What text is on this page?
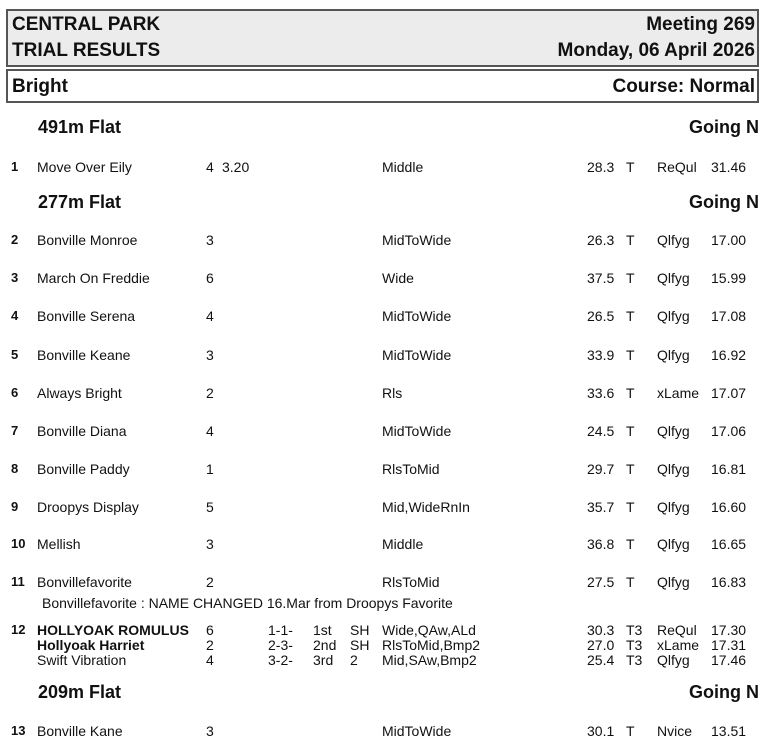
CENTRAL PARK
TRIAL RESULTS
Meeting 269
Monday, 06 April 2026
Bright	Course: Normal
491m Flat	Going N
1 Move Over Eily	4 3.20	Middle	28.3 T ReQul 31.46
277m Flat	Going N
2 Bonville Monroe	3	MidToWide	26.3 T Qlfyg 17.00
3 March On Freddie	6	Wide	37.5 T Qlfyg 15.99
4 Bonville Serena	4	MidToWide	26.5 T Qlfyg 17.08
5 Bonville Keane	3	MidToWide	33.9 T Qlfyg 16.92
6 Always Bright	2	Rls	33.6 T xLame 17.07
7 Bonville Diana	4	MidToWide	24.5 T Qlfyg 17.06
8 Bonville Paddy	1	RlsToMid	29.7 T Qlfyg 16.81
9 Droopys Display	5	Mid,WideRnIn	35.7 T Qlfyg 16.60
10 Mellish	3	Middle	36.8 T Qlfyg 16.65
11 Bonvillefavorite	2	RlsToMid	27.5 T Qlfyg 16.83
Bonvillefavorite : NAME CHANGED 16.Mar from Droopys Favorite
12 HOLLYOAK ROMULUS 6	1-1- 1st SH Wide,QAw,ALd	30.3 T3 ReQul 17.30
Hollyoak Harriet	2	2-3- 2nd SH RlsToMid,Bmp2	27.0 T3 xLame 17.31
Swift Vibration	4	3-2- 3rd 2 Mid,SAw,Bmp2	25.4 T3 Qlfyg 17.46
209m Flat	Going N
13 Bonville Kane	3	MidToWide	30.1 T Nvice 13.51
